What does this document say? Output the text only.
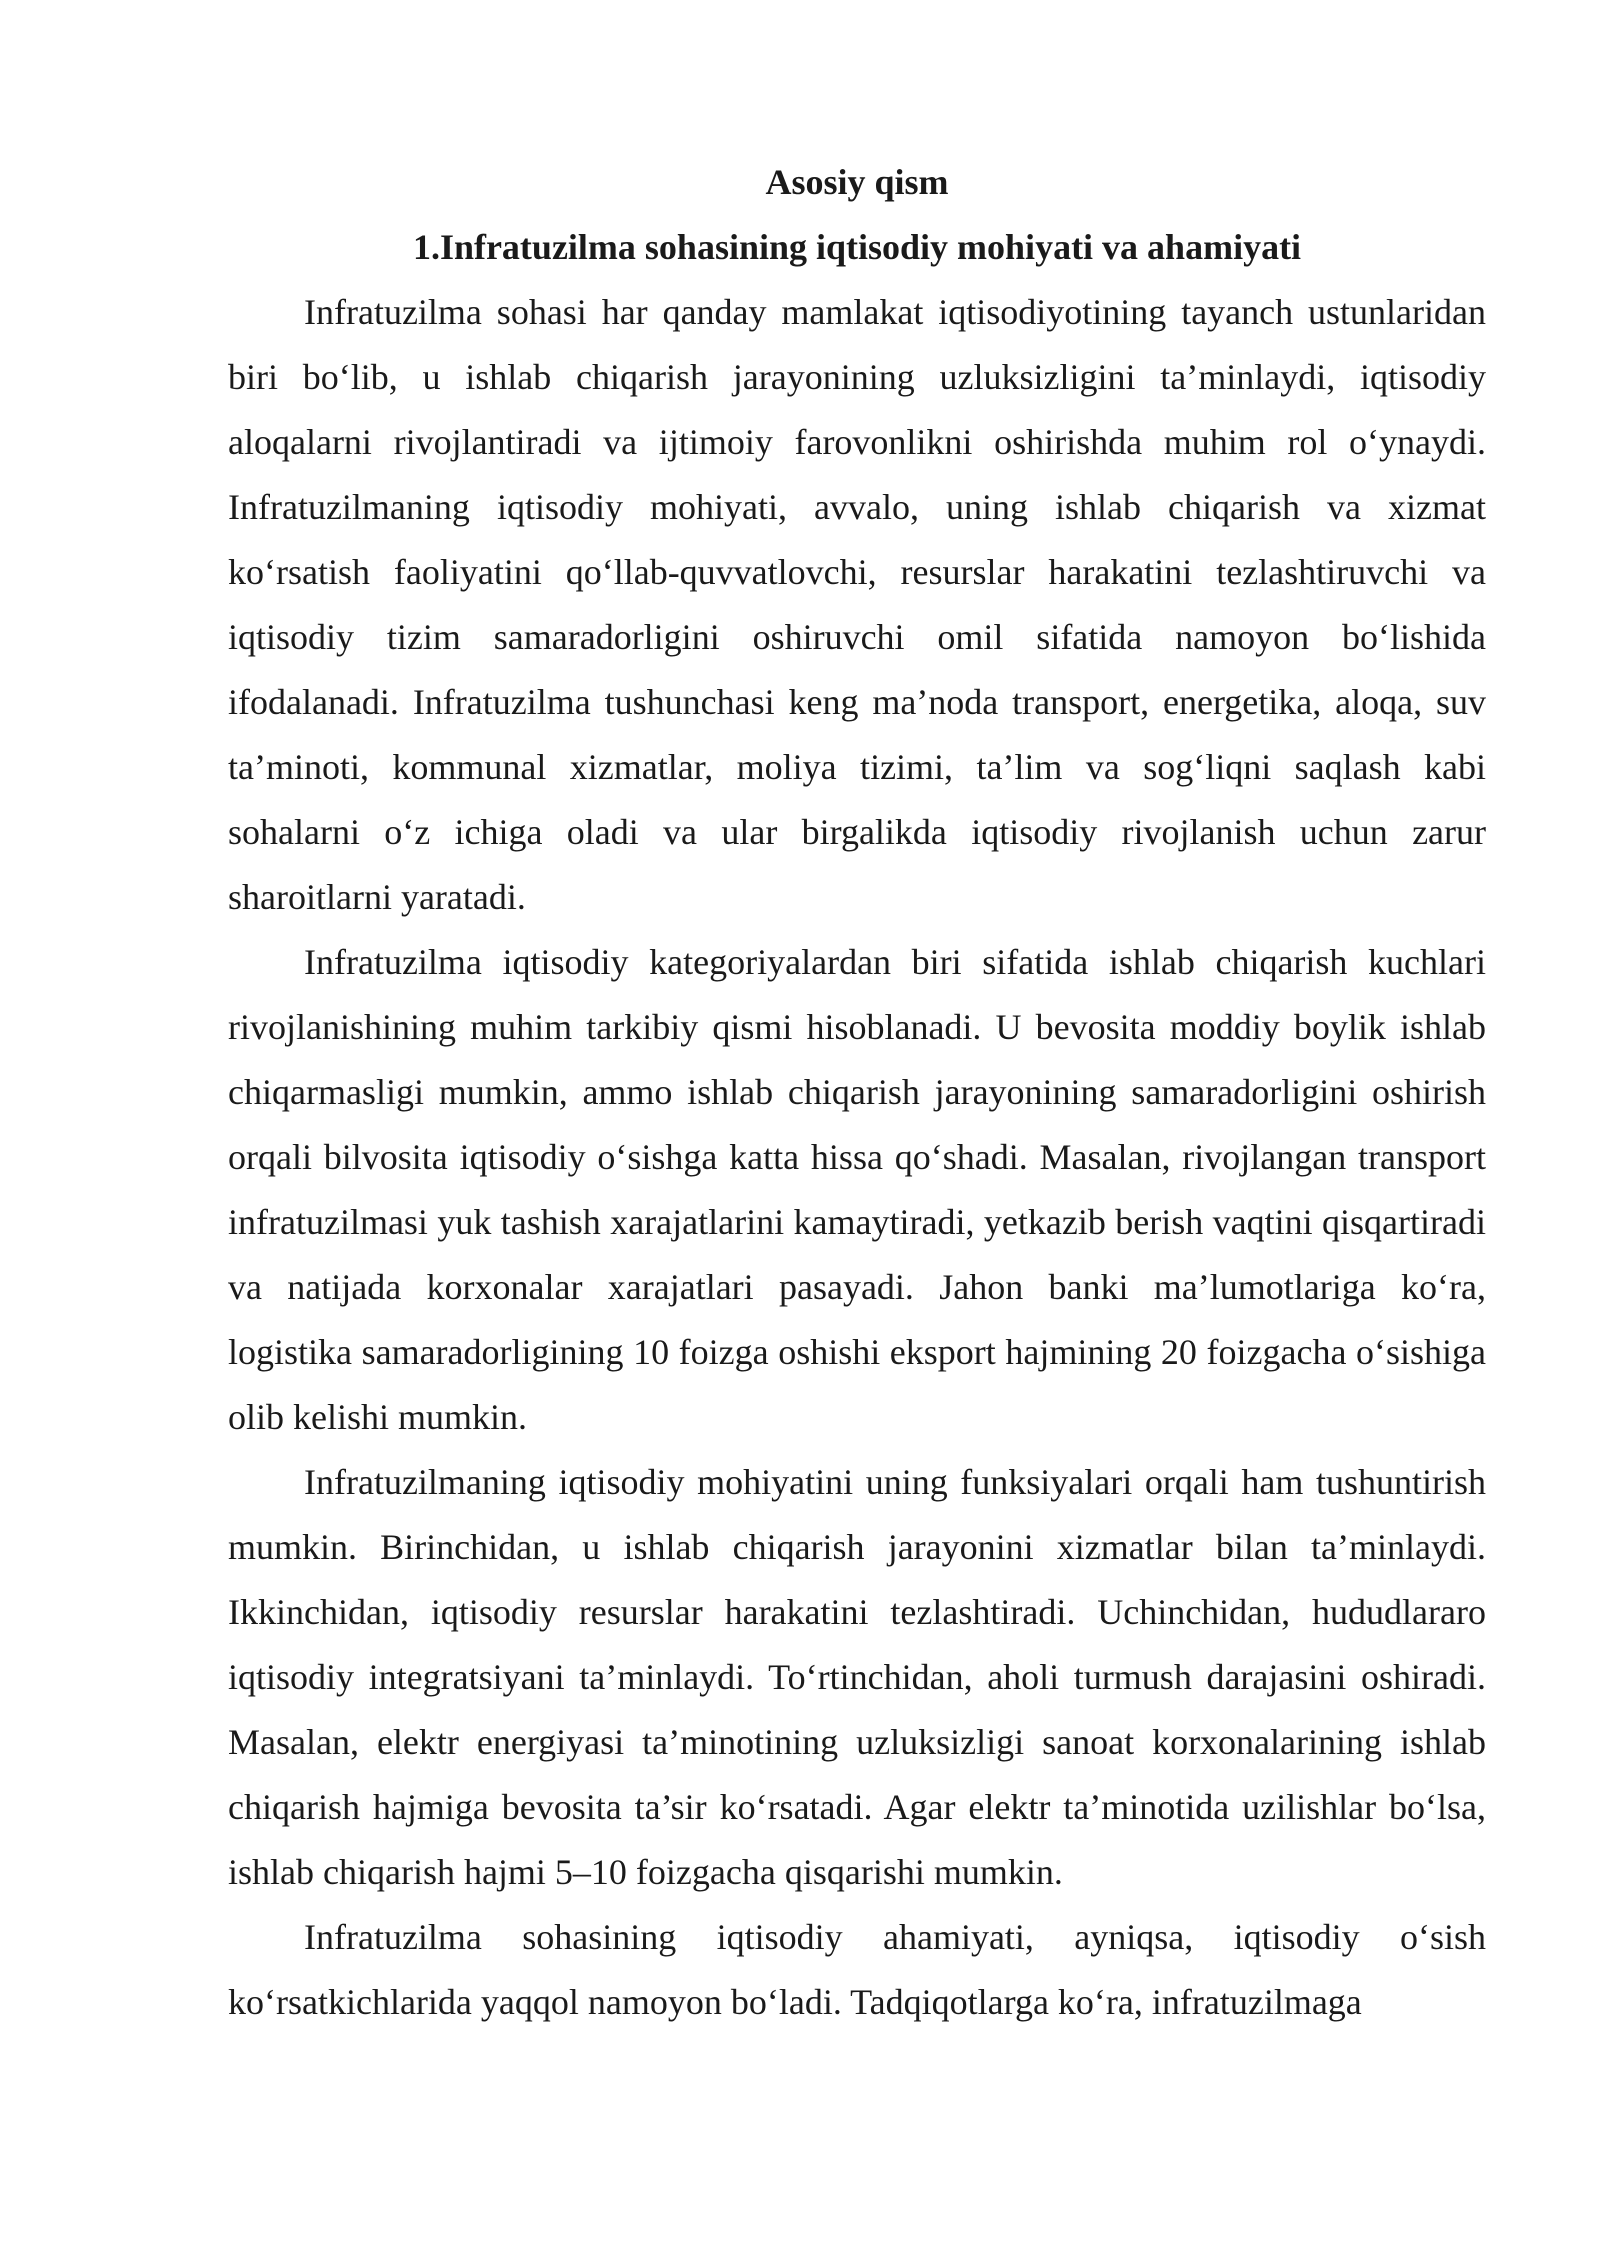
Asosiy qism
1.Infratuzilma sohasining iqtisodiy mohiyati va ahamiyati

Infratuzilma sohasi har qanday mamlakat iqtisodiyotining tayanch ustunlaridan biri bo‘lib, u ishlab chiqarish jarayonining uzluksizligini ta’minlaydi, iqtisodiy aloqalarni rivojlantiradi va ijtimoiy farovonlikni oshirishda muhim rol o‘ynaydi. Infratuzilmaning iqtisodiy mohiyati, avvalo, uning ishlab chiqarish va xizmat ko‘rsatish faoliyatini qo‘llab-quvvatlovchi, resurslar harakatini tezlashtiruvchi va iqtisodiy tizim samaradorligini oshiruvchi omil sifatida namoyon bo‘lishida ifodalanadi. Infratuzilma tushunchasi keng ma’noda transport, energetika, aloqa, suv ta’minoti, kommunal xizmatlar, moliya tizimi, ta’lim va sog‘liqni saqlash kabi sohalarni o‘z ichiga oladi va ular birgalikda iqtisodiy rivojlanish uchun zarur sharoitlarni yaratadi.

Infratuzilma iqtisodiy kategoriyalardan biri sifatida ishlab chiqarish kuchlari rivojlanishining muhim tarkibiy qismi hisoblanadi. U bevosita moddiy boylik ishlab chiqarmasligi mumkin, ammo ishlab chiqarish jarayonining samaradorligini oshirish orqali bilvosita iqtisodiy o‘sishga katta hissa qo‘shadi. Masalan, rivojlangan transport infratuzilmasi yuk tashish xarajatlarini kamaytiradi, yetkazib berish vaqtini qisqartiradi va natijada korxonalar xarajatlari pasayadi. Jahon banki ma’lumotlariga ko‘ra, logistika samaradorligining 10 foizga oshishi eksport hajmining 20 foizgacha o‘sishiga olib kelishi mumkin.

Infratuzilmaning iqtisodiy mohiyatini uning funksiyalari orqali ham tushuntirish mumkin. Birinchidan, u ishlab chiqarish jarayonini xizmatlar bilan ta’minlaydi. Ikkinchidan, iqtisodiy resurslar harakatini tezlashtiradi. Uchinchidan, hududlararo iqtisodiy integratsiyani ta’minlaydi. To‘rtinchidan, aholi turmush darajasini oshiradi. Masalan, elektr energiyasi ta’minotining uzluksizligi sanoat korxonalarining ishlab chiqarish hajmiga bevosita ta’sir ko‘rsatadi. Agar elektr ta’minotida uzilishlar bo‘lsa, ishlab chiqarish hajmi 5–10 foizgacha qisqarishi mumkin.

Infratuzilma sohasining iqtisodiy ahamiyati, ayniqsa, iqtisodiy o‘sish ko‘rsatkichlarida yaqqol namoyon bo‘ladi. Tadqiqotlarga ko‘ra, infratuzilmaga
